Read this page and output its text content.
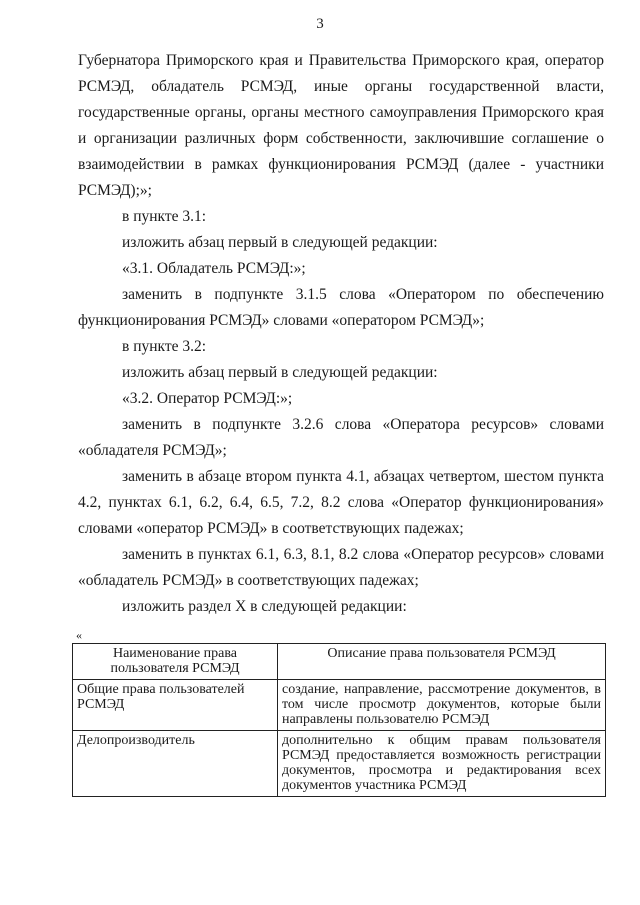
3

Губернатора Приморского края и Правительства Приморского края, оператор РСМЭД, обладатель РСМЭД, иные органы государственной власти, государственные органы, органы местного самоуправления Приморского края и организации различных форм собственности, заключившие соглашение о взаимодействии в рамках функционирования РСМЭД (далее - участники РСМЭД);»;

в пункте 3.1:

изложить абзац первый в следующей редакции:

«3.1. Обладатель РСМЭД:»;

заменить в подпункте 3.1.5 слова «Оператором по обеспечению функционирования РСМЭД» словами «оператором РСМЭД»;

в пункте 3.2:

изложить абзац первый в следующей редакции:

«3.2. Оператор РСМЭД:»;

заменить в подпункте 3.2.6 слова «Оператора ресурсов» словами «обладателя РСМЭД»;

заменить в абзаце втором пункта 4.1, абзацах четвертом, шестом пункта 4.2, пунктах 6.1, 6.2, 6.4, 6.5, 7.2, 8.2 слова «Оператор функционирования» словами «оператор РСМЭД» в соответствующих падежах;

заменить в пунктах 6.1, 6.3, 8.1, 8.2 слова «Оператор ресурсов» словами «обладатель РСМЭД» в соответствующих падежах;

изложить раздел X в следующей редакции:

«
Наименование права пользователя РСМЭД	Описание права пользователя РСМЭД
Общие права пользователей РСМЭД	создание, направление, рассмотрение документов, в том числе просмотр документов, которые были направлены пользователю РСМЭД
Делопроизводитель	дополнительно к общим правам пользователя РСМЭД предоставляется возможность регистрации документов, просмотра и редактирования всех документов участника РСМЭД
